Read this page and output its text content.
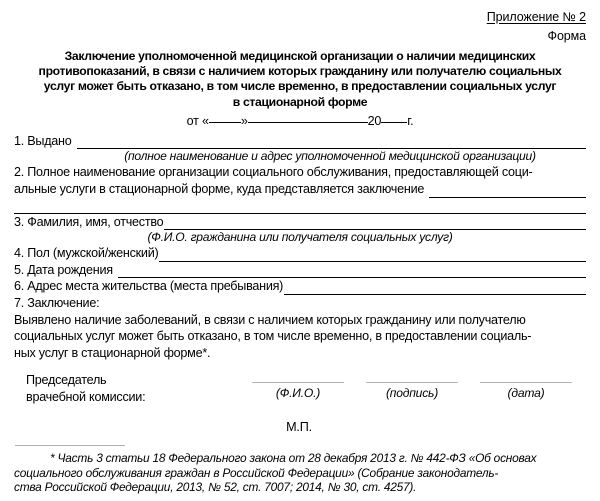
Приложение № 2
Форма
Заключение уполномоченной медицинской организации о наличии медицинских
противопоказаний, в связи с наличием которых гражданину или получателю социальных
услуг может быть отказано, в том числе временно, в предоставлении социальных услуг
в стационарной форме
от «	»	20 г.
1. Выдано
(полное наименование и адрес уполномоченной медицинской организации)
2. Полное наименование организации социального обслуживания, предоставляющей соци-
альные услуги в стационарной форме, куда представляется заключение
3. Фамилия, имя, отчество
(Ф.И.О. гражданина или получателя социальных услуг)
4. Пол (мужской/женский)
5. Дата рождения
6. Адрес места жительства (места пребывания)
7. Заключение:
Выявлено наличие заболеваний, в связи с наличием которых гражданину или получателю
социальных услуг может быть отказано, в том числе временно, в предоставлении социаль-
ных услуг в стационарной форме*.
Председатель
врачебной комиссии:	(Ф.И.О.)	(подпись)	(дата)
М.П.
* Часть 3 статьи 18 Федерального закона от 28 декабря 2013 г. № 442-ФЗ «Об основах
социального обслуживания граждан в Российской Федерации» (Собрание законодатель-
ства Российской Федерации, 2013, № 52, ст. 7007; 2014, № 30, ст. 4257).
